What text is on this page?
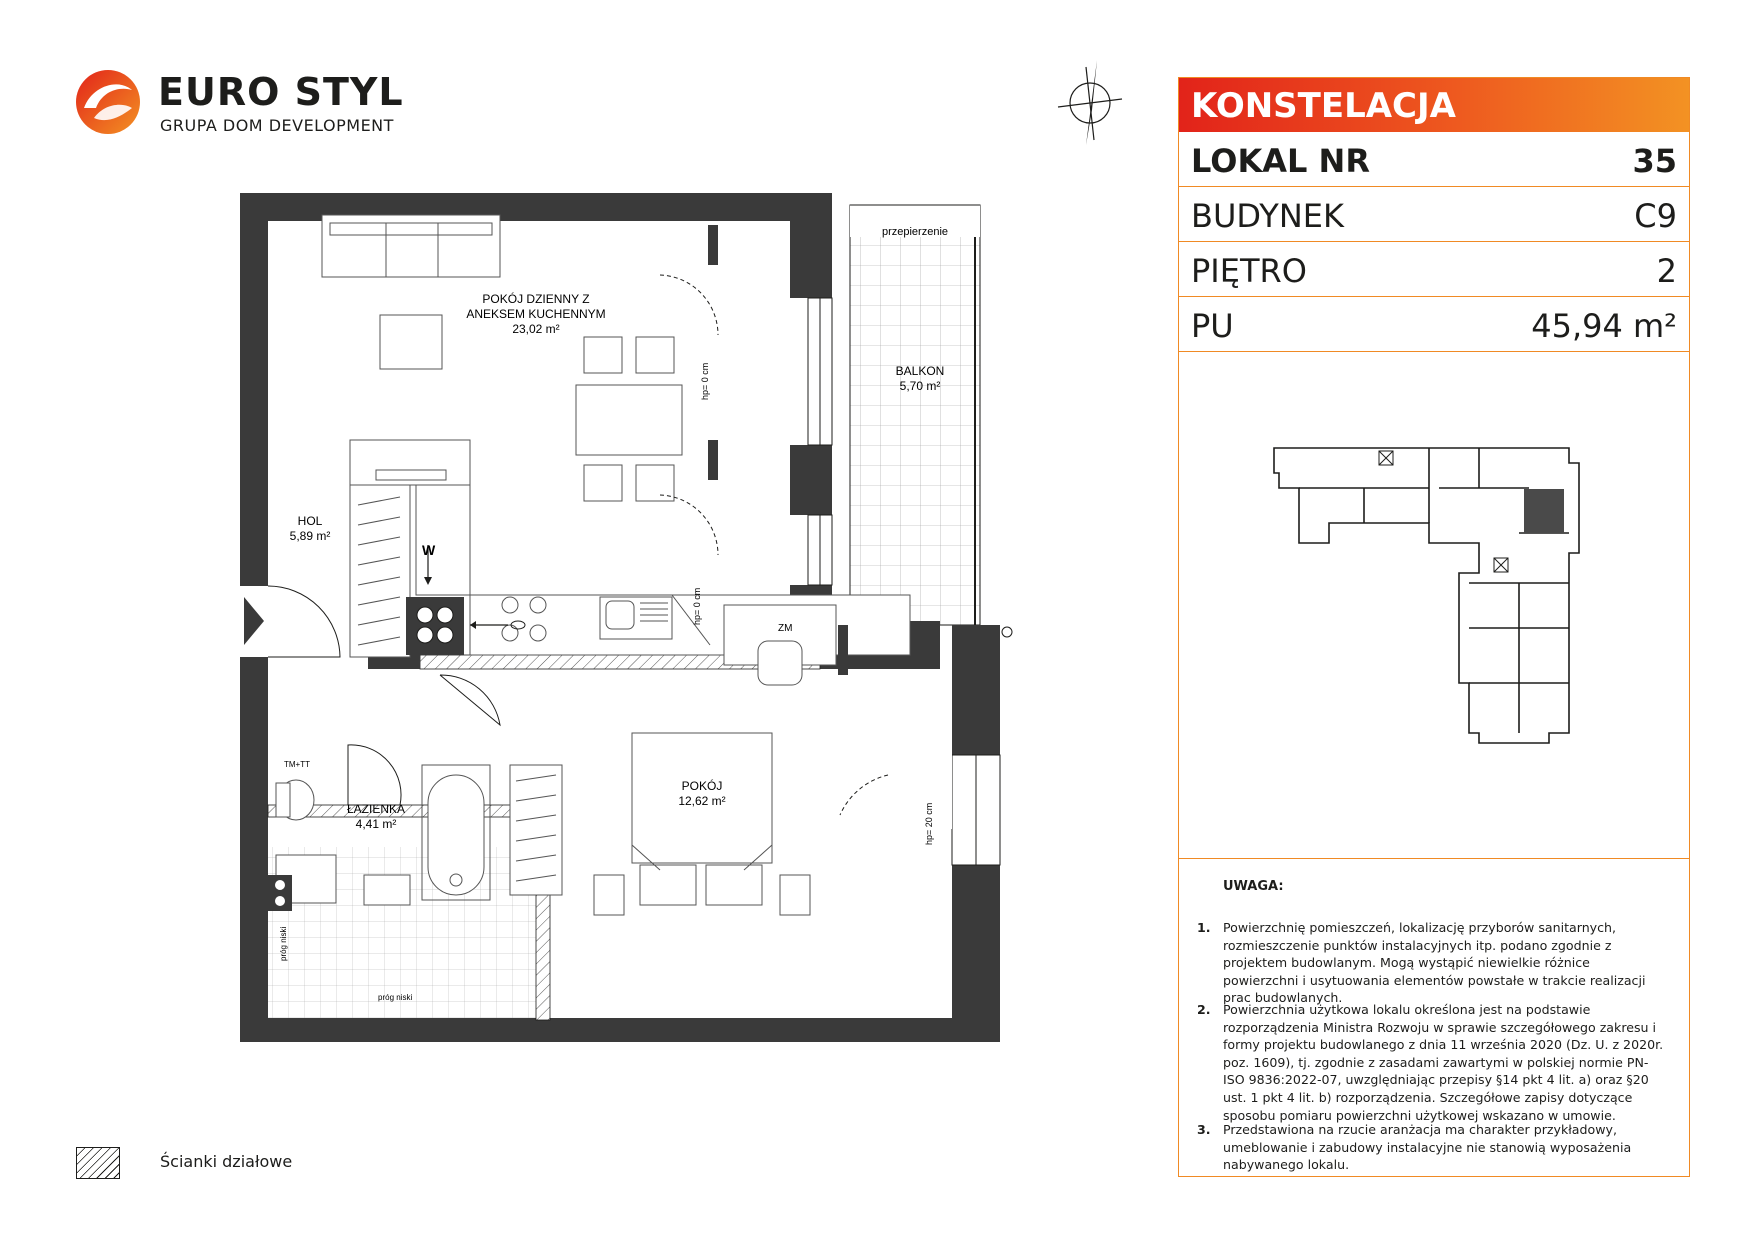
EURO STYL
GRUPA DOM DEVELOPMENT
POKÓJ DZIENNY Z
ANEKSEM KUCHENNYM
23,02 m²
BALKON
5,70 m²
HOL
5,89 m²
ŁAZIENKA
4,41 m²
POKÓJ
12,62 m²
przepierzenie
hp= 0 cm
hp= 0 cm
hp= 20 cm
ZM
TM+TT
próg niski
próg niski
W
KONSTELACJA
LOKAL NR	35
BUDYNEK	C9
PIĘTRO	2
PU	45,94 m²
UWAGA:
1. Powierzchnię pomieszczeń, lokalizację przyborów sanitarnych, rozmieszczenie punktów instalacyjnych itp. podano zgodnie z projektem budowlanym. Mogą wystąpić niewielkie różnice powierzchni i usytuowania elementów powstałe w trakcie realizacji prac budowlanych.
2. Powierzchnia użytkowa lokalu określona jest na podstawie rozporządzenia Ministra Rozwoju w sprawie szczegółowego zakresu i formy projektu budowlanego z dnia 11 września 2020 (Dz. U. z 2020r. poz. 1609), tj. zgodnie z zasadami zawartymi w polskiej normie PN-ISO 9836:2022-07, uwzględniając przepisy §14 pkt 4 lit. a) oraz §20 ust. 1 pkt 4 lit. b) rozporządzenia. Szczegółowe zapisy dotyczące sposobu pomiaru powierzchni użytkowej wskazano w umowie.
3. Przedstawiona na rzucie aranżacja ma charakter przykładowy, umeblowanie i zabudowy instalacyjne nie stanowią wyposażenia nabywanego lokalu.
Ścianki działowe
